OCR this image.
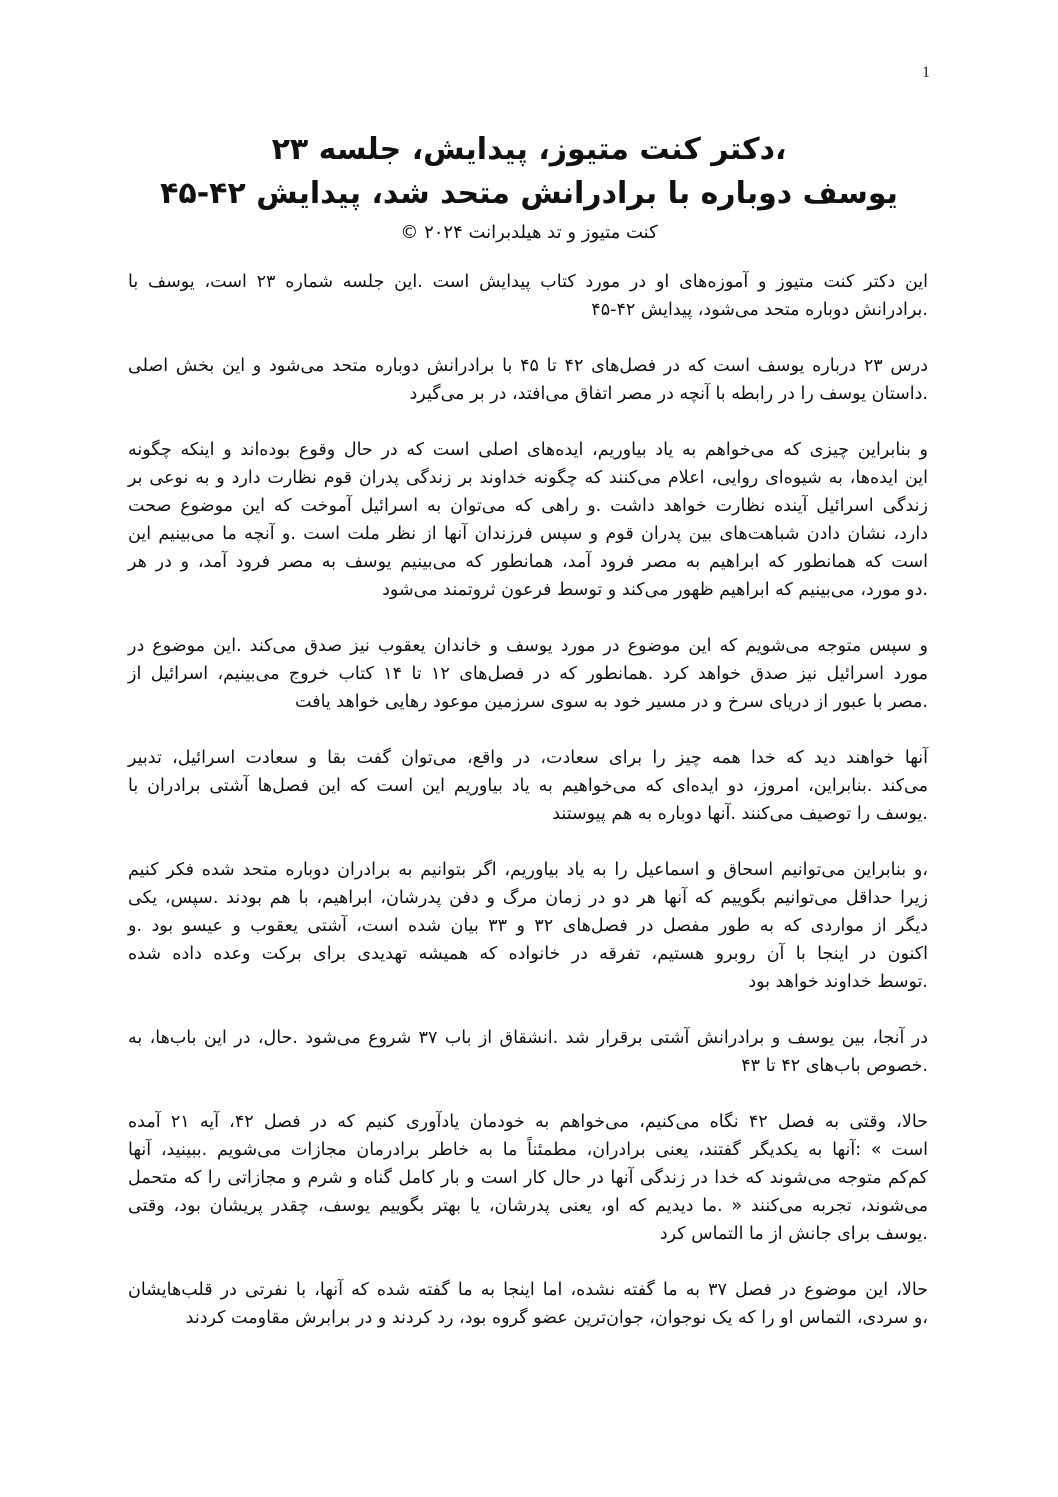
1
،دکتر کنت متیوز، پیدایش، جلسه ۲۳
یوسف دوباره با برادرانش متحد شد، پیدایش ۴۲-۴۵
کنت متیوز و تد هیلدبرانت ۲۰۲۴ ©
این دکتر کنت متیوز و آموزه‌های او در مورد کتاب پیدایش است .این جلسه شماره ۲۳ است، یوسف با
.برادرانش دوباره متحد می‌شود، پیدایش ۴۲-۴۵
درس ۲۳ درباره یوسف است که در فصل‌های ۴۲ تا ۴۵ با برادرانش دوباره متحد می‌شود و این بخش اصلی
.داستان یوسف را در رابطه با آنچه در مصر اتفاق می‌افتد، در بر می‌گیرد
و بنابراین چیزی که می‌خواهم به یاد بیاوریم، ایده‌های اصلی است که در حال وقوع بوده‌اند و اینکه چگونه
این ایده‌ها، به شیوه‌ای روایی، اعلام می‌کنند که چگونه خداوند بر زندگی پدران قوم نظارت دارد و به نوعی بر
زندگی اسرائیل آینده نظارت خواهد داشت .و راهی که می‌توان به اسرائیل آموخت که این موضوع صحت
دارد، نشان دادن شباهت‌های بین پدران قوم و سپس فرزندان آنها از نظر ملت است .و آنچه ما می‌بینیم این
است که همانطور که ابراهیم به مصر فرود آمد، همانطور که می‌بینیم یوسف به مصر فرود آمد، و در هر
.دو مورد، می‌بینیم که ابراهیم ظهور می‌کند و توسط فرعون ثروتمند می‌شود
و سپس متوجه می‌شویم که این موضوع در مورد یوسف و خاندان یعقوب نیز صدق می‌کند .این موضوع در
مورد اسرائیل نیز صدق خواهد کرد .همانطور که در فصل‌های ۱۲ تا ۱۴ کتاب خروج می‌بینیم، اسرائیل از
.مصر با عبور از دریای سرخ و در مسیر خود به سوی سرزمین موعود رهایی خواهد یافت
آنها خواهند دید که خدا همه چیز را برای سعادت، در واقع، می‌توان گفت بقا و سعادت اسرائیل، تدبیر
می‌کند .بنابراین، امروز، دو ایده‌ای که می‌خواهیم به یاد بیاوریم این است که این فصل‌ها آشتی برادران با
.یوسف را توصیف می‌کنند .آنها دوباره به هم پیوستند
،و بنابراین می‌توانیم اسحاق و اسماعیل را به یاد بیاوریم، اگر بتوانیم به برادران دوباره متحد شده فکر کنیم
زیرا حداقل می‌توانیم بگوییم که آنها هر دو در زمان مرگ و دفن پدرشان، ابراهیم، با هم بودند .سپس، یکی
دیگر از مواردی که به طور مفصل در فصل‌های ۳۲ و ۳۳ بیان شده است، آشتی یعقوب و عیسو بود .و
اکنون در اینجا با آن روبرو هستیم، تفرقه در خانواده که همیشه تهدیدی برای برکت وعده داده شده
.توسط خداوند خواهد بود
در آنجا، بین یوسف و برادرانش آشتی برقرار شد .انشقاق از باب ۳۷ شروع می‌شود .حال، در این باب‌ها، به
.خصوص باب‌های ۴۲ تا ۴۳
حالا، وقتی به فصل ۴۲ نگاه می‌کنیم، می‌خواهم به خودمان یادآوری کنیم که در فصل ۴۲، آیه ۲۱ آمده
است » :آنها به یکدیگر گفتند، یعنی برادران، مطمئناً ما به خاطر برادرمان مجازات می‌شویم .ببینید، آنها
کم‌کم متوجه می‌شوند که خدا در زندگی آنها در حال کار است و بار کامل گناه و شرم و مجازاتی را که متحمل
می‌شوند، تجربه می‌کنند « .ما دیدیم که او، یعنی پدرشان، یا بهتر بگوییم یوسف، چقدر پریشان بود، وقتی
.یوسف برای جانش از ما التماس کرد
حالا، این موضوع در فصل ۳۷ به ما گفته نشده، اما اینجا به ما گفته شده که آنها، با نفرتی در قلب‌هایشان
،و سردی، التماس او را که یک نوجوان، جوان‌ترین عضو گروه بود، رد کردند و در برابرش مقاومت کردند
